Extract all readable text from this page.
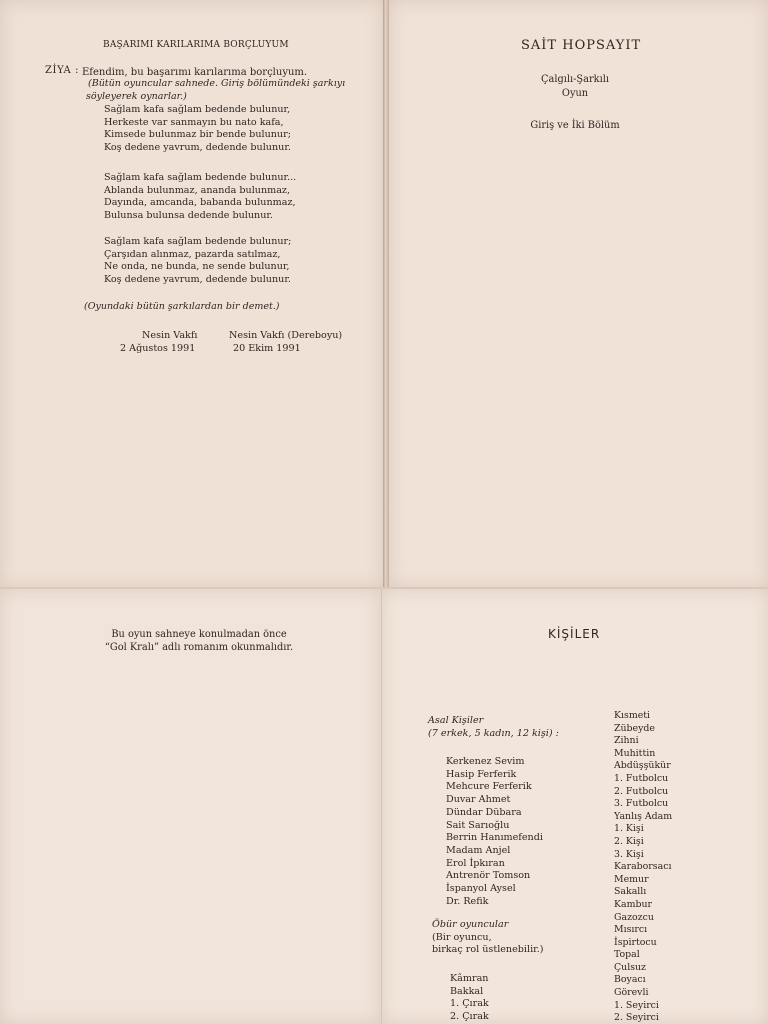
BAŞARIMI KARILARIMA BORÇLUYUM
ZİYA : Efendim, bu başarımı karılarıma borçluyum.
(Bütün oyuncular sahnede. Giriş bölümündeki şarkıyı
söyleyerek oynarlar.)
Sağlam kafa sağlam bedende bulunur,
Herkeste var sanmayın bu nato kafa,
Kimsede bulunmaz bir bende bulunur;
Koş dedene yavrum, dedende bulunur.
Sağlam kafa sağlam bedende bulunur...
Ablanda bulunmaz, ananda bulunmaz,
Dayında, amcanda, babanda bulunmaz,
Bulunsa bulunsa dedende bulunur.
Sağlam kafa sağlam bedende bulunur;
Çarşıdan alınmaz, pazarda satılmaz,
Ne onda, ne bunda, ne sende bulunur,
Koş dedene yavrum, dedende bulunur.
(Oyundaki bütün şarkılardan bir demet.)
Nesin Vakfı
2 Ağustos 1991
Nesin Vakfı (Dereboyu)
20 Ekim 1991
SAİT HOPSAYIT
Çalgılı-Şarkılı
Oyun
Giriş ve İki Bölüm
Bu oyun sahneye konulmadan önce
“Gol Kralı” adlı romanım okunmalıdır.
KİŞİLER
Asal Kişiler
(7 erkek, 5 kadın, 12 kişi) :
Kerkenez Sevim
Hasip Ferferik
Mehcure Ferferik
Duvar Ahmet
Dündar Dübara
Sait Sarıoğlu
Berrin Hanımefendi
Madam Anjel
Erol İpkıran
Antrenör Tomson
İspanyol Aysel
Dr. Refik
Öbür oyuncular
(Bir oyuncu,
birkaç rol üstlenebilir.)
Kâmran
Bakkal
1. Çırak
2. Çırak
Kısmeti
Zübeyde
Zihni
Muhittin
Abdüşşükür
1. Futbolcu
2. Futbolcu
3. Futbolcu
Yanlış Adam
1. Kişi
2. Kişi
3. Kişi
Karaborsacı
Memur
Sakallı
Kambur
Gazozcu
Mısırcı
İspirtocu
Topal
Çulsuz
Boyacı
Görevli
1. Seyirci
2. Seyirci
